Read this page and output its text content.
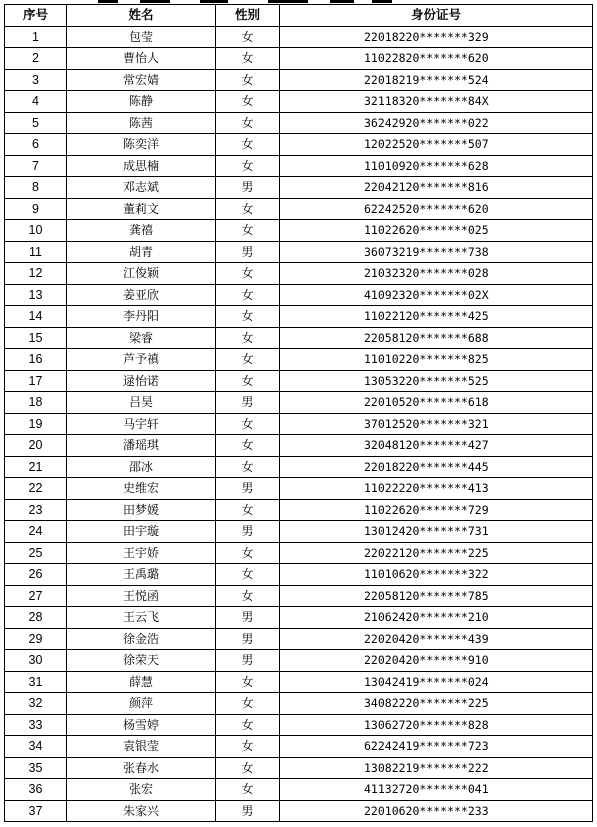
序号	姓名	性别	身份证号
1	包莹	女	22018220*******329
2	曹怡人	女	11022820*******620
3	常宏婧	女	22018219*******524
4	陈静	女	32118320*******84X
5	陈茜	女	36242920*******022
6	陈奕洋	女	12022520*******507
7	成思楠	女	11010920*******628
8	邓志斌	男	22042120*******816
9	董莉文	女	62242520*******620
10	龚禧	女	11022620*******025
11	胡青	男	36073219*******738
12	江俊颖	女	21032320*******028
13	姜亚欣	女	41092320*******02X
14	李丹阳	女	11022120*******425
15	梁睿	女	22058120*******688
16	芦予禛	女	11010220*******825
17	逯怡诺	女	13053220*******525
18	吕昊	男	22010520*******618
19	马宇轩	女	37012520*******321
20	潘瑶琪	女	32048120*******427
21	邵冰	女	22018220*******445
22	史维宏	男	11022220*******413
23	田梦媛	女	11022620*******729
24	田宇璇	男	13012420*******731
25	王宇娇	女	22022120*******225
26	王禹璐	女	11010620*******322
27	王悦函	女	22058120*******785
28	王云飞	男	21062420*******210
29	徐金浩	男	22020420*******439
30	徐荣天	男	22020420*******910
31	薛慧	女	13042419*******024
32	颜萍	女	34082220*******225
33	杨雪婷	女	13062720*******828
34	袁银莹	女	62242419*******723
35	张春水	女	13082219*******222
36	张宏	女	41132720*******041
37	朱家兴	男	22010620*******233
